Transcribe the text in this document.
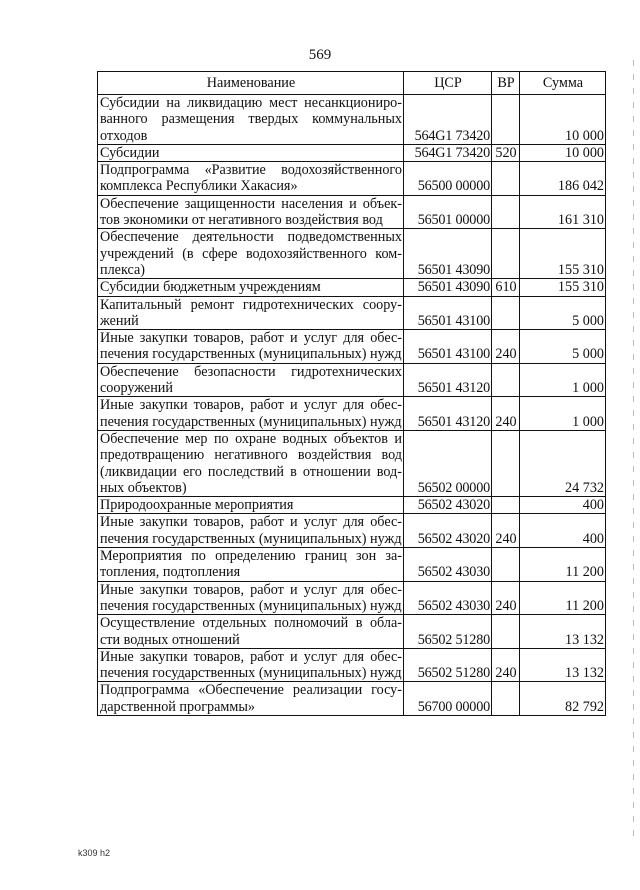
569
Наименование	ЦСР	ВР	Сумма
Субсидии на ликвидацию мест несанкциониро-ванного размещения твердых коммунальных отходов	564G1 73420		10 000
Субсидии	564G1 73420	520	10 000
Подпрограмма «Развитие водохозяйственного комплекса Республики Хакасия»	56500 00000		186 042
Обеспечение защищенности населения и объек-тов экономики от негативного воздействия вод	56501 00000		161 310
Обеспечение деятельности подведомственных учреждений (в сфере водохозяйственного ком-плекса)	56501 43090		155 310
Субсидии бюджетным учреждениям	56501 43090	610	155 310
Капитальный ремонт гидротехнических соору-жений	56501 43100		5 000
Иные закупки товаров, работ и услуг для обес-печения государственных (муниципальных) нужд	56501 43100	240	5 000
Обеспечение безопасности гидротехнических сооружений	56501 43120		1 000
Иные закупки товаров, работ и услуг для обес-печения государственных (муниципальных) нужд	56501 43120	240	1 000
Обеспечение мер по охране водных объектов и предотвращению негативного воздействия вод (ликвидации его последствий в отношении вод-ных объектов)	56502 00000		24 732
Природоохранные мероприятия	56502 43020		400
Иные закупки товаров, работ и услуг для обес-печения государственных (муниципальных) нужд	56502 43020	240	400
Мероприятия по определению границ зон за-топления, подтопления	56502 43030		11 200
Иные закупки товаров, работ и услуг для обес-печения государственных (муниципальных) нужд	56502 43030	240	11 200
Осуществление отдельных полномочий в обла-сти водных отношений	56502 51280		13 132
Иные закупки товаров, работ и услуг для обес-печения государственных (муниципальных) нужд	56502 51280	240	13 132
Подпрограмма «Обеспечение реализации госу-дарственной программы»	56700 00000		82 792
k309 h2
